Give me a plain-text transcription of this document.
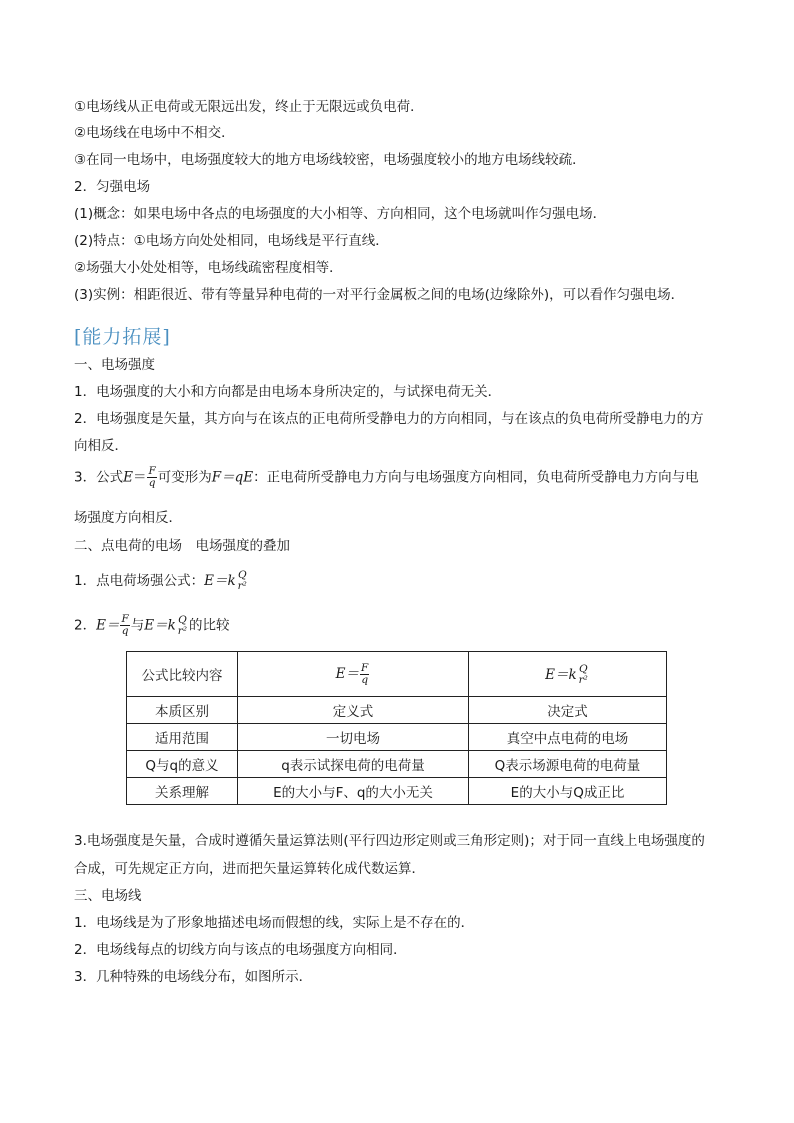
①电场线从正电荷或无限远出发，终止于无限远或负电荷．
②电场线在电场中不相交．
③在同一电场中，电场强度较大的地方电场线较密，电场强度较小的地方电场线较疏．
2．匀强电场
(1)概念：如果电场中各点的电场强度的大小相等、方向相同，这个电场就叫作匀强电场．
(2)特点：①电场方向处处相同，电场线是平行直线．
②场强大小处处相等，电场线疏密程度相等．
(3)实例：相距很近、带有等量异种电荷的一对平行金属板之间的电场(边缘除外)，可以看作匀强电场．
[能力拓展]
一、电场强度
1．电场强度的大小和方向都是由电场本身所决定的，与试探电荷无关．
2．电场强度是矢量，其方向与在该点的正电荷所受静电力的方向相同，与在该点的负电荷所受静电力的方
向相反．
3．公式$E= \frac{F}{q}$ 可变形为F＝qE：正电荷所受静电力方向与电场强度方向相同，负电荷所受静电力方向与电
场强度方向相反．
二、点电荷的电场　电场强度的叠加
1．点电荷场强公式：E＝k Q
r²
2．$E= \frac{F}{q}$ 与E＝k Q
r² 的比较
公式比较内容	$E= \frac{F}{q}$	E＝k Q
r²

本质区别	定义式	决定式
适用范围	一切电场	真空中点电荷的电场
Q与q的意义	q表示试探电荷的电荷量	Q表示场源电荷的电荷量
关系理解	E的大小与F、q的大小无关	E的大小与Q成正比
3.电场强度是矢量，合成时遵循矢量运算法则(平行四边形定则或三角形定则)；对于同一直线上电场强度的
合成，可先规定正方向，进而把矢量运算转化成代数运算．
三、电场线
1．电场线是为了形象地描述电场而假想的线，实际上是不存在的．
2．电场线每点的切线方向与该点的电场强度方向相同．
3．几种特殊的电场线分布，如图所示．
